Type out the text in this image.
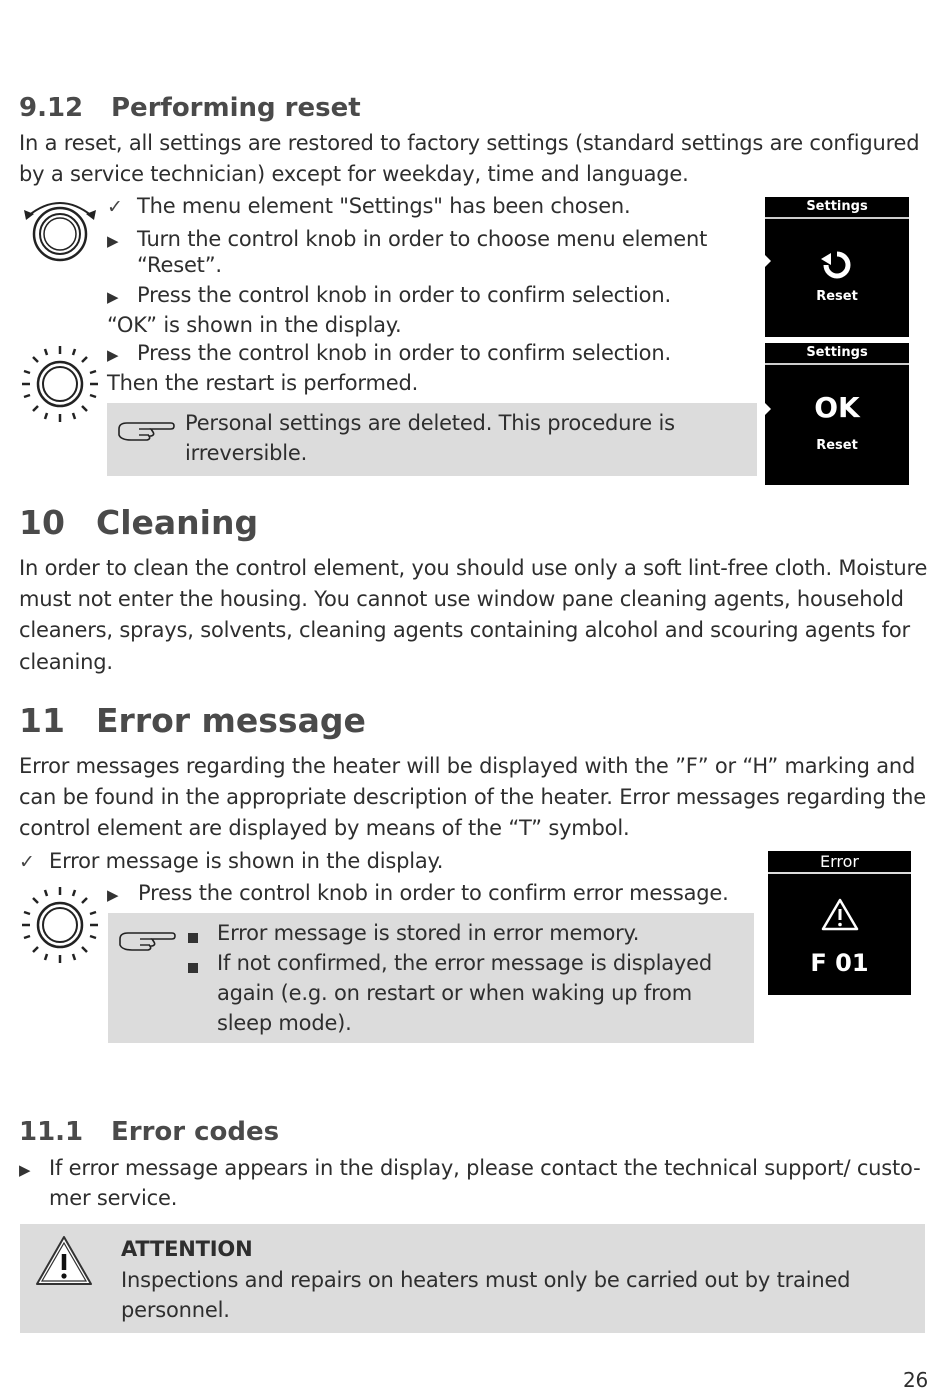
9.12 Performing reset
In a reset, all settings are restored to factory settings (standard settings are configured
by a service technician) except for weekday, time and language.
✓ The menu element "Settings" has been chosen.
▶ Turn the control knob in order to choose menu element
“Reset”.
▶ Press the control knob in order to confirm selection.
“OK” is shown in the display.
▶ Press the control knob in order to confirm selection.
Then the restart is performed.
Personal settings are deleted. This procedure is
irreversible.
Settings
Reset
Settings
OK
Reset
10 Cleaning
In order to clean the control element, you should use only a soft lint-free cloth. Moisture
must not enter the housing. You cannot use window pane cleaning agents, household
cleaners, sprays, solvents, cleaning agents containing alcohol and scouring agents for
cleaning.
11 Error message
Error messages regarding the heater will be displayed with the ”F” or “H” marking and
can be found in the appropriate description of the heater. Error messages regarding the
control element are displayed by means of the “T” symbol.
✓ Error message is shown in the display.
▶ Press the control knob in order to confirm error message.
Error message is stored in error memory.
If not confirmed, the error message is displayed
again (e.g. on restart or when waking up from
sleep mode).
Error
F 01
11.1 Error codes
▶ If error message appears in the display, please contact the technical support/ custo-
mer service.
ATTENTION
Inspections and repairs on heaters must only be carried out by trained
personnel.
26
